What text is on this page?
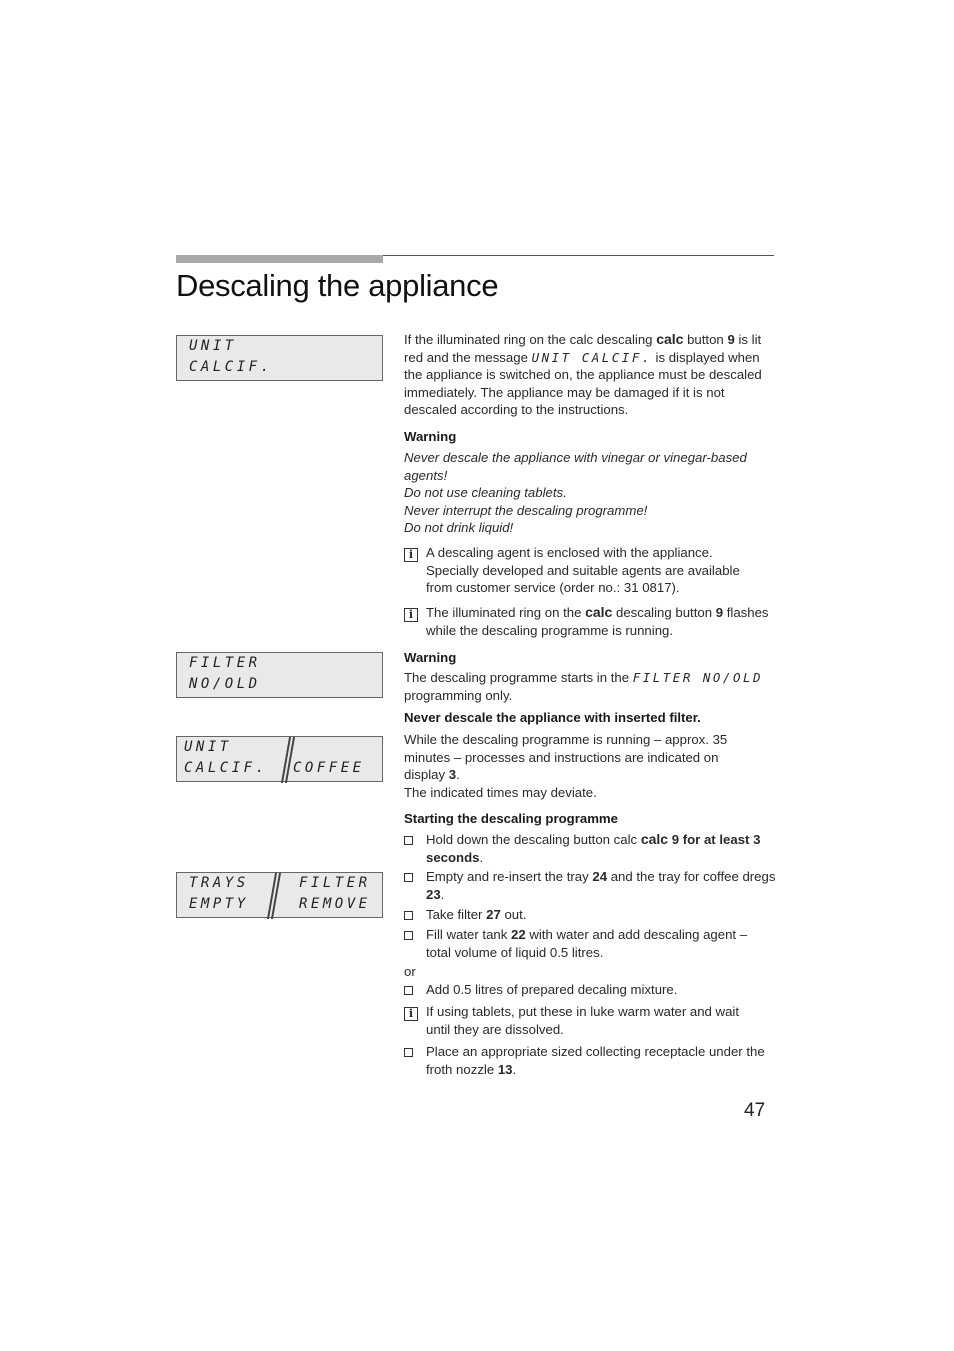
Descaling the appliance
UNIT
CALCIF.
FILTER
NO/OLD
UNIT
CALCIF. COFFEE
TRAYS
EMPTY
FILTER
REMOVE
If the illuminated ring on the calc descaling calc button 9 is lit red and the message UNIT CALCIF. is displayed when the appliance is switched on, the appliance must be descaled immediately. The appliance may be damaged if it is not descaled according to the instructions.
Warning
Never descale the appliance with vinegar or vinegar-based agents!
Do not use cleaning tablets.
Never interrupt the descaling programme!
Do not drink liquid!
i A descaling agent is enclosed with the appliance. Specially developed and suitable agents are available from customer service (order no.: 31 0817).
i The illuminated ring on the calc descaling button 9 flashes while the descaling programme is running.
Warning
The descaling programme starts in the FILTER NO/OLD programming only.
Never descale the appliance with inserted filter.
While the descaling programme is running – approx. 35 minutes – processes and instructions are indicated on display 3.
The indicated times may deviate.
Starting the descaling programme
Hold down the descaling button calc calc 9 for at least 3 seconds.
Empty and re-insert the tray 24 and the tray for coffee dregs 23.
Take filter 27 out.
Fill water tank 22 with water and add descaling agent – total volume of liquid 0.5 litres.
or
Add 0.5 litres of prepared decaling mixture.
i If using tablets, put these in luke warm water and wait until they are dissolved.
Place an appropriate sized collecting receptacle under the froth nozzle 13.
47
